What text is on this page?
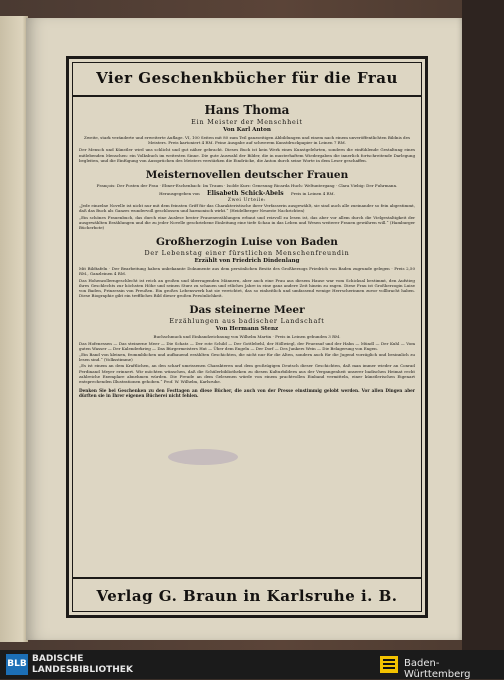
Vier Geschenkbücher für die Frau
Hans Thoma
Ein Meister der Menschheit
Von Karl Anton
Zweite, stark veränderte und erweiterte Auflage. VI, 100 Seiten mit 80 zum Teil ganzseitigen Abbildungen und einem nach einem unveröffentlichten Bildnis des Meisters. Preis kartoniert 4 RM. Feine Ausgabe auf schwerem Kunstdruckpapier in Leinen 7 RM.
Der Mensch und Künstler wird uns schlicht und gut näher gebracht. Dieses Buch ist kein Werk eines Kunstgelehrten, sondern die einfühlende Gestaltung eines mitlebenden Menschen: ein Volksbuch im weitesten Sinne. Die gute Auswahl der Bilder, die in musterhaftem Wiedergaben die innerlich fortschreitende Darlegung begleiten, und die Einfügung von Aussprüchen des Meisters verstärken die Eindrücke, die Anton durch seine Worte in dem Leser geschaffen.
Meisternovellen deutscher Frauen
François: Der Posten der Frau · Ebner-Eschenbach: Im Traum · Isolde Kurz: Genesung Ricarda Huch: Weltuntergang · Clara Viebig: Der Fuhrmann.
Herausgegeben von Elisabeth Schick-Abels Preis in Leinen 4 RM.
Zwei Urteile:
„Jede einzelne Novelle ist nicht nur mit dem feinsten Griff für das Charakteristische ihrer Verfasserin ausgewählt, sie sind auch alle zueinander so fein abgestimmt, daß das Buch als Ganzes wundervoll geschlossen und harmonisch wirkt.“ (Heidelberger Neueste Nachrichten)
„Ein schönes Frauenbuch, das durch eine Auslese bester Frauenerzählungen erbaut und reizvoll zu lesen ist, das aber vor allem durch die Vielgestaltigkeit der ausgewählten Erzählungen und die zu jeder Novelle geschriebene Einleitung eine tiefe Schau in das Leben und Wesen weiterer Frauen gewähren will.“ (Hamburger Bücherbote)
Großherzogin Luise von Baden
Der Lebenstag einer fürstlichen Menschenfreundin
Erzählt von Friedrich Dindenlang
Mit Bildtafeln · Der Bearbeitung haben unbekannte Dokumente aus dem persönlichen Besitz des Großherzogs Friedrich von Baden zugrunde gelegen · Preis 2,50 RM., Ganzleinen 4 RM.
Das Hohenzollerngeschlecht ist reich an großen und überragenden Männern, aber auch eine Frau aus diesem Hause war vom Schicksal bestimmt, den Aufstieg ihres Geschlechts zur höchsten Höhe und seinen Sturz zu schauen und etliches Jahre in eine ganz andere Zeit hinein zu ragen. Diese Frau ist Großherzogin Luise von Baden, Prinzessin von Preußen. Ein großes Lebenswerk hat sie verrichtet, das so einheitlich und umfassend wenige Herrscherinnen zuvor vollbracht haben. Diese Biographie gibt ein treffliches Bild dieser großen Persönlichkeit.
Das steinerne Meer
Erzählungen aus badischer Landschaft
Von Hermann Stenz
Buchschmuck und Einbandzeichnung von Wilhelm Martin · Preis in Leinen gebunden 3 RM.
Das Hofenessen — Das steinerne Meer — Die Schatz — Der rote Schild — Der Gottlebehl, der Höllwiegl, der Feuerauf und der Hahn — Mündl — Der Kuhl — Vom guten Wasser — Der Kalenderkrieg — Das Bürgermeisters Hut — Über dem Engeln — Der Dorf — Des Junkers Wein — Die Belagerung von Engen.
„Ein Band von kleinen, frommblichen und aufbauend erzählten Geschichten, die nicht nur für die Alten, sondern auch für die Jugend vorzüglich und besinnlich zu lesen sind.“ (Volksstimme)
„Es ist einem an dem Kraftlichen, an den scharf umrissenen Charakteren und dem großzügigen Deutsch dieser Geschichten, daß man immer wieder an Conrad Ferdinand Meyer erinnert. Wir möchten wünschen, daß die Schülerbibliotheken zu diesen Kulturbildern aus der Vergangenheit unserer badischen Heimat recht zahlreiche Exemplare abnehmen würden. Die Freude an dem Gelesenen würde von einem prachtvollen Einband vermitteln, einer künstlerischen Eigenart entsprechenden Illustrationen gehoben.“ Prof. W. Wilhelm, Karlsruhe.
Denken Sie bei Geschenken zu den Festtagen an diese Bücher, die auch von der Presse einstimmig gelobt werden. Vor allen Dingen aber dürften sie in Ihrer eigenen Bücherei nicht fehlen.
Verlag G. Braun in Karlsruhe i. B.
BLB BADISCHE
LANDESBIBLIOTHEK
Baden-Württemberg
